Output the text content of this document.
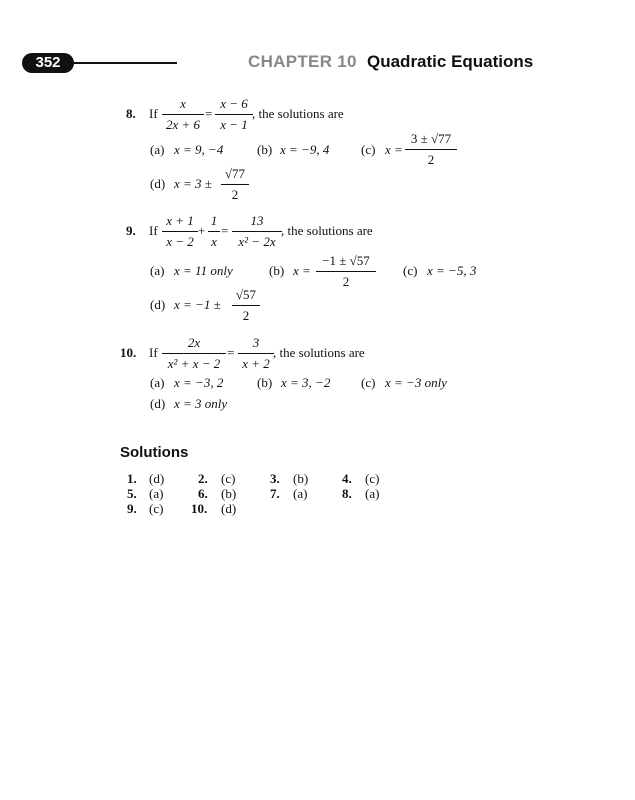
352	CHAPTER 10 Quadratic Equations
8. If $\frac{x}{2x + 6} = \frac{x - 6}{x - 1}$ , the solutions are
(a) x = 9, −4	(b) x = −9, 4 (c) $x = \frac{3 \pm √77}{2}$
(d) $x = 3 \pm \frac{√77}{2}$
9. If $\frac{x + 1}{x - 2} + \frac{1}{x} = \frac{13}{\text{x² − 2x}}$ , the solutions are
(a) x = 11 only	(b) $x = \frac{-1 \pm √57}{2} (c) x = -5$, 3
(d) $x = -1 \pm \frac{√57}{2}$
10. If $\frac{2x}{\text{x² + x − 2}} = \frac{3}{x + 2}$ , the solutions are
(a) x = −3, 2	(b) x = 3, −2 (c) x = −3 only
(d) x = 3 only
Solutions
1. (d)	2. (c)	3. (b)	4. (c)
5. (a)	6. (b)	7. (a)	8. (a)
9. (c) 10. (d)
